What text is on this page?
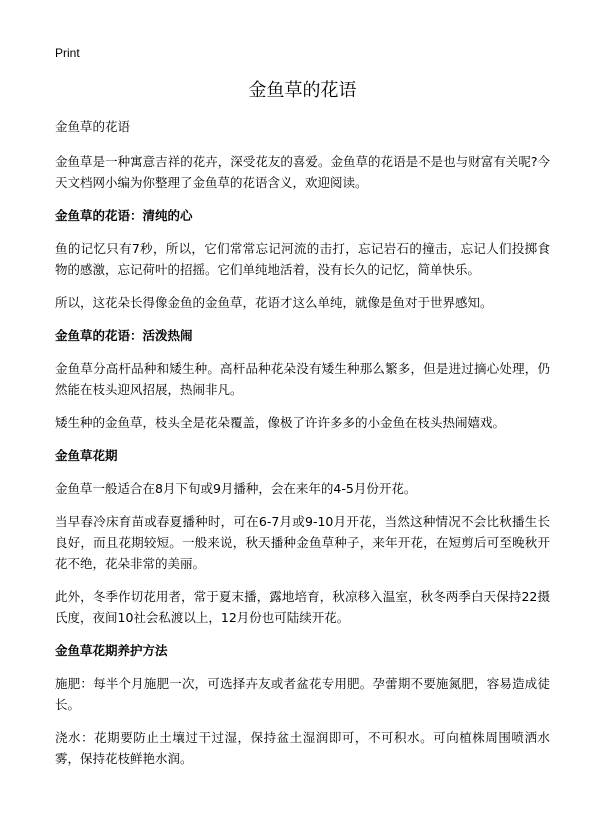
Print
金鱼草的花语
金鱼草的花语

金鱼草是一种寓意吉祥的花卉，深受花友的喜爱。金鱼草的花语是不是也与财富有关呢?今天文档网小编为你整理了金鱼草的花语含义，欢迎阅读。

金鱼草的花语：清纯的心

鱼的记忆只有7秒，所以，它们常常忘记河流的击打，忘记岩石的撞击，忘记人们投掷食物的感激，忘记荷叶的招摇。它们单纯地活着，没有长久的记忆，简单快乐。

所以，这花朵长得像金鱼的金鱼草，花语才这么单纯，就像是鱼对于世界感知。

金鱼草的花语：活泼热闹

金鱼草分高杆品种和矮生种。高杆品种花朵没有矮生种那么繁多，但是进过摘心处理，仍然能在枝头迎风招展，热闹非凡。

矮生种的金鱼草，枝头全是花朵覆盖，像极了许许多多的小金鱼在枝头热闹嬉戏。

金鱼草花期

金鱼草一般适合在8月下旬或9月播种，会在来年的4-5月份开花。

当早春冷床育苗或春夏播种时，可在6-7月或9-10月开花，当然这种情况不会比秋播生长良好，而且花期较短。一般来说，秋天播种金鱼草种子，来年开花，在短剪后可至晚秋开花不绝，花朵非常的美丽。

此外，冬季作切花用者，常于夏末播，露地培育，秋凉移入温室，秋冬两季白天保持22摄氏度，夜间10社会私渡以上，12月份也可陆续开花。

金鱼草花期养护方法

施肥：每半个月施肥一次，可选择卉友或者盆花专用肥。孕蕾期不要施氮肥，容易造成徒长。

浇水：花期要防止土壤过干过湿，保持盆土湿润即可，不可积水。可向植株周围喷洒水雾，保持花枝鲜艳水润。
